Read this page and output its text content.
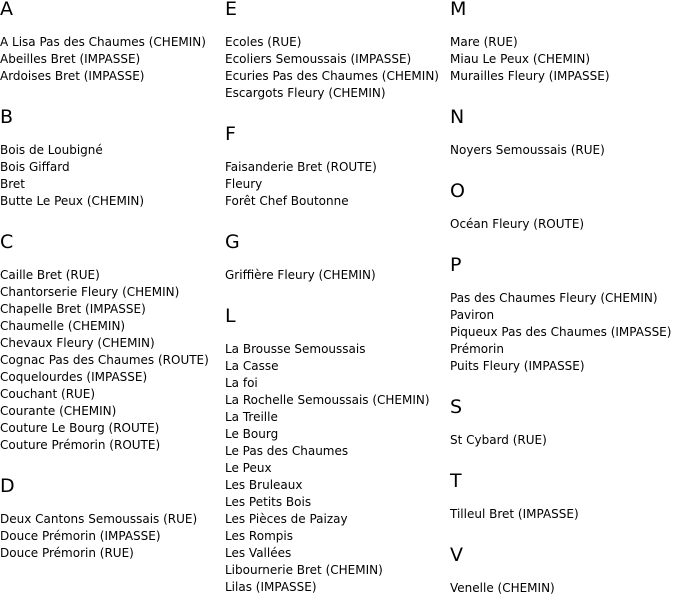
A
A Lisa Pas des Chaumes (CHEMIN)
Abeilles Bret (IMPASSE)
Ardoises Bret (IMPASSE)
B
Bois de Loubigné
Bois Giffard
Bret
Butte Le Peux (CHEMIN)
C
Caille Bret (RUE)
Chantorserie Fleury (CHEMIN)
Chapelle Bret (IMPASSE)
Chaumelle (CHEMIN)
Chevaux Fleury (CHEMIN)
Cognac Pas des Chaumes (ROUTE)
Coquelourdes (IMPASSE)
Couchant (RUE)
Courante (CHEMIN)
Couture Le Bourg (ROUTE)
Couture Prémorin (ROUTE)
D
Deux Cantons Semoussais (RUE)
Douce Prémorin (IMPASSE)
Douce Prémorin (RUE)
E
Ecoles (RUE)
Ecoliers Semoussais (IMPASSE)
Ecuries Pas des Chaumes (CHEMIN)
Escargots Fleury (CHEMIN)
F
Faisanderie Bret (ROUTE)
Fleury
Forêt Chef Boutonne
G
Griffière Fleury (CHEMIN)
L
La Brousse Semoussais
La Casse
La foi
La Rochelle Semoussais (CHEMIN)
La Treille
Le Bourg
Le Pas des Chaumes
Le Peux
Les Bruleaux
Les Petits Bois
Les Pièces de Paizay
Les Rompis
Les Vallées
Libournerie Bret (CHEMIN)
Lilas (IMPASSE)
M
Mare (RUE)
Miau Le Peux (CHEMIN)
Murailles Fleury (IMPASSE)
N
Noyers Semoussais (RUE)
O
Océan Fleury (ROUTE)
P
Pas des Chaumes Fleury (CHEMIN)
Paviron
Piqueux Pas des Chaumes (IMPASSE)
Prémorin
Puits Fleury (IMPASSE)
S
St Cybard (RUE)
T
Tilleul Bret (IMPASSE)
V
Venelle (CHEMIN)
